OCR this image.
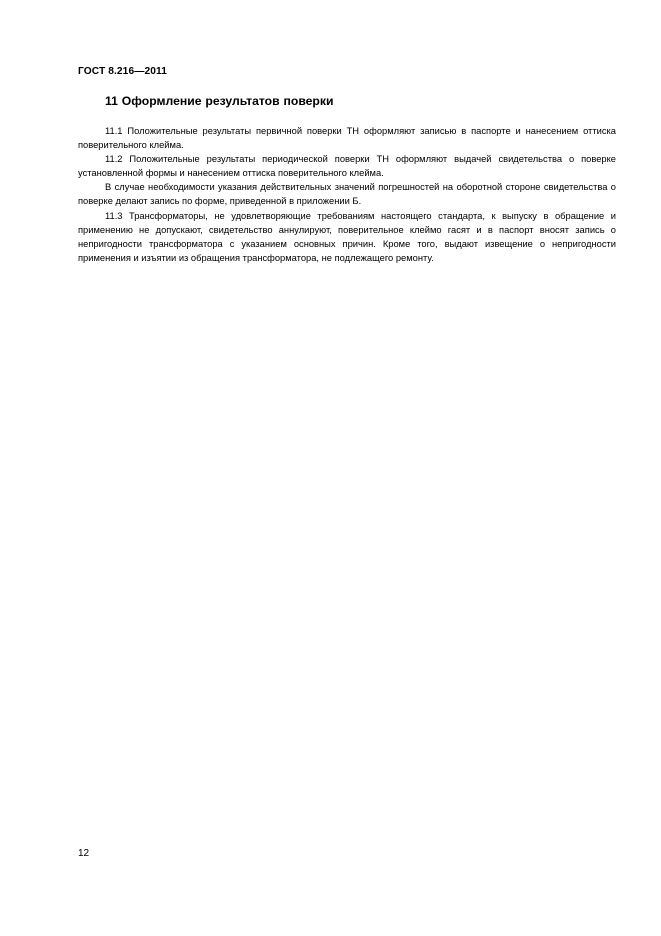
ГОСТ 8.216—2011
11 Оформление результатов поверки

11.1 Положительные результаты первичной поверки ТН оформляют записью в паспорте и нанесением оттиска поверительного клейма.

11.2 Положительные результаты периодической поверки ТН оформляют выдачей свидетельства о поверке установленной формы и нанесением оттиска поверительного клейма.

В случае необходимости указания действительных значений погрешностей на оборотной стороне свидетельства о поверке делают запись по форме, приведенной в приложении Б.

11.3 Трансформаторы, не удовлетворяющие требованиям настоящего стандарта, к выпуску в обращение и применению не допускают, свидетельство аннулируют, поверительное клеймо гасят и в паспорт вносят запись о непригодности трансформатора с указанием основных причин. Кроме того, выдают извещение о непригодности применения и изъятии из обращения трансформатора, не подлежащего ремонту.

12
